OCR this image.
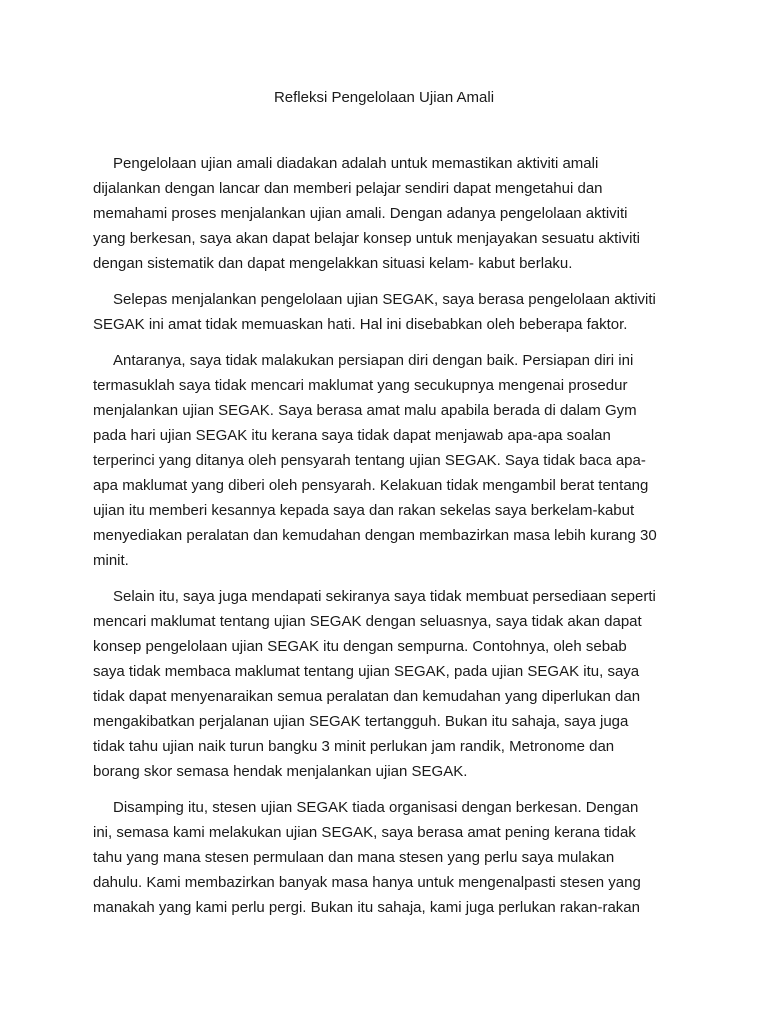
Refleksi Pengelolaan Ujian Amali

Pengelolaan ujian amali diadakan adalah untuk memastikan aktiviti amali
dijalankan dengan lancar dan memberi pelajar sendiri dapat mengetahui dan
memahami proses menjalankan ujian amali. Dengan adanya pengelolaan aktiviti
yang berkesan, saya akan dapat belajar konsep untuk menjayakan sesuatu aktiviti
dengan sistematik dan dapat mengelakkan situasi kelam- kabut berlaku.

Selepas menjalankan pengelolaan ujian SEGAK, saya berasa pengelolaan aktiviti
SEGAK ini amat tidak memuaskan hati. Hal ini disebabkan oleh beberapa faktor.

Antaranya, saya tidak malakukan persiapan diri dengan baik. Persiapan diri ini
termasuklah saya tidak mencari maklumat yang secukupnya mengenai prosedur
menjalankan ujian SEGAK. Saya berasa amat malu apabila berada di dalam Gym
pada hari ujian SEGAK itu kerana saya tidak dapat menjawab apa-apa soalan
terperinci yang ditanya oleh pensyarah tentang ujian SEGAK. Saya tidak baca apa-
apa maklumat yang diberi oleh pensyarah. Kelakuan tidak mengambil berat tentang
ujian itu memberi kesannya kepada saya dan rakan sekelas saya berkelam-kabut
menyediakan peralatan dan kemudahan dengan membazirkan masa lebih kurang 30
minit.

Selain itu, saya juga mendapati sekiranya saya tidak membuat persediaan seperti
mencari maklumat tentang ujian SEGAK dengan seluasnya, saya tidak akan dapat
konsep pengelolaan ujian SEGAK itu dengan sempurna. Contohnya, oleh sebab
saya tidak membaca maklumat tentang ujian SEGAK, pada ujian SEGAK itu, saya
tidak dapat menyenaraikan semua peralatan dan kemudahan yang diperlukan dan
mengakibatkan perjalanan ujian SEGAK tertangguh. Bukan itu sahaja, saya juga
tidak tahu ujian naik turun bangku 3 minit perlukan jam randik, Metronome dan
borang skor semasa hendak menjalankan ujian SEGAK.

Disamping itu, stesen ujian SEGAK tiada organisasi dengan berkesan. Dengan
ini, semasa kami melakukan ujian SEGAK, saya berasa amat pening kerana tidak
tahu yang mana stesen permulaan dan mana stesen yang perlu saya mulakan
dahulu. Kami membazirkan banyak masa hanya untuk mengenalpasti stesen yang
manakah yang kami perlu pergi. Bukan itu sahaja, kami juga perlukan rakan-rakan
